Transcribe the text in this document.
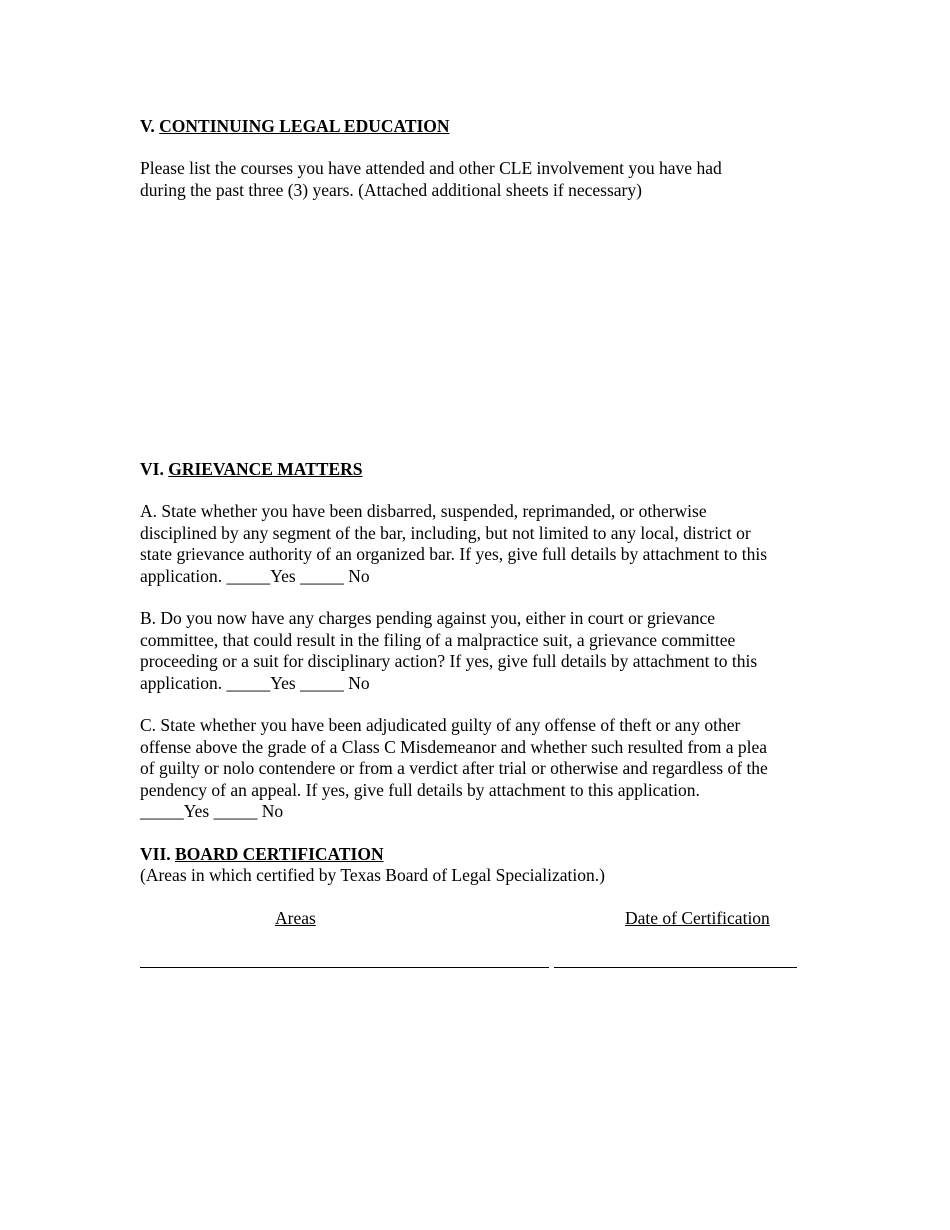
V. CONTINUING LEGAL EDUCATION
Please list the courses you have attended and other CLE involvement you have had
during the past three (3) years. (Attached additional sheets if necessary)
VI. GRIEVANCE MATTERS
A. State whether you have been disbarred, suspended, reprimanded, or otherwise
disciplined by any segment of the bar, including, but not limited to any local, district or
state grievance authority of an organized bar. If yes, give full details by attachment to this
application. _____Yes _____ No
B. Do you now have any charges pending against you, either in court or grievance
committee, that could result in the filing of a malpractice suit, a grievance committee
proceeding or a suit for disciplinary action? If yes, give full details by attachment to this
application. _____Yes _____ No
C. State whether you have been adjudicated guilty of any offense of theft or any other
offense above the grade of a Class C Misdemeanor and whether such resulted from a plea
of guilty or nolo contendere or from a verdict after trial or otherwise and regardless of the
pendency of an appeal. If yes, give full details by attachment to this application.
_____Yes _____ No
VII. BOARD CERTIFICATION
(Areas in which certified by Texas Board of Legal Specialization.)
Areas	Date of Certification
